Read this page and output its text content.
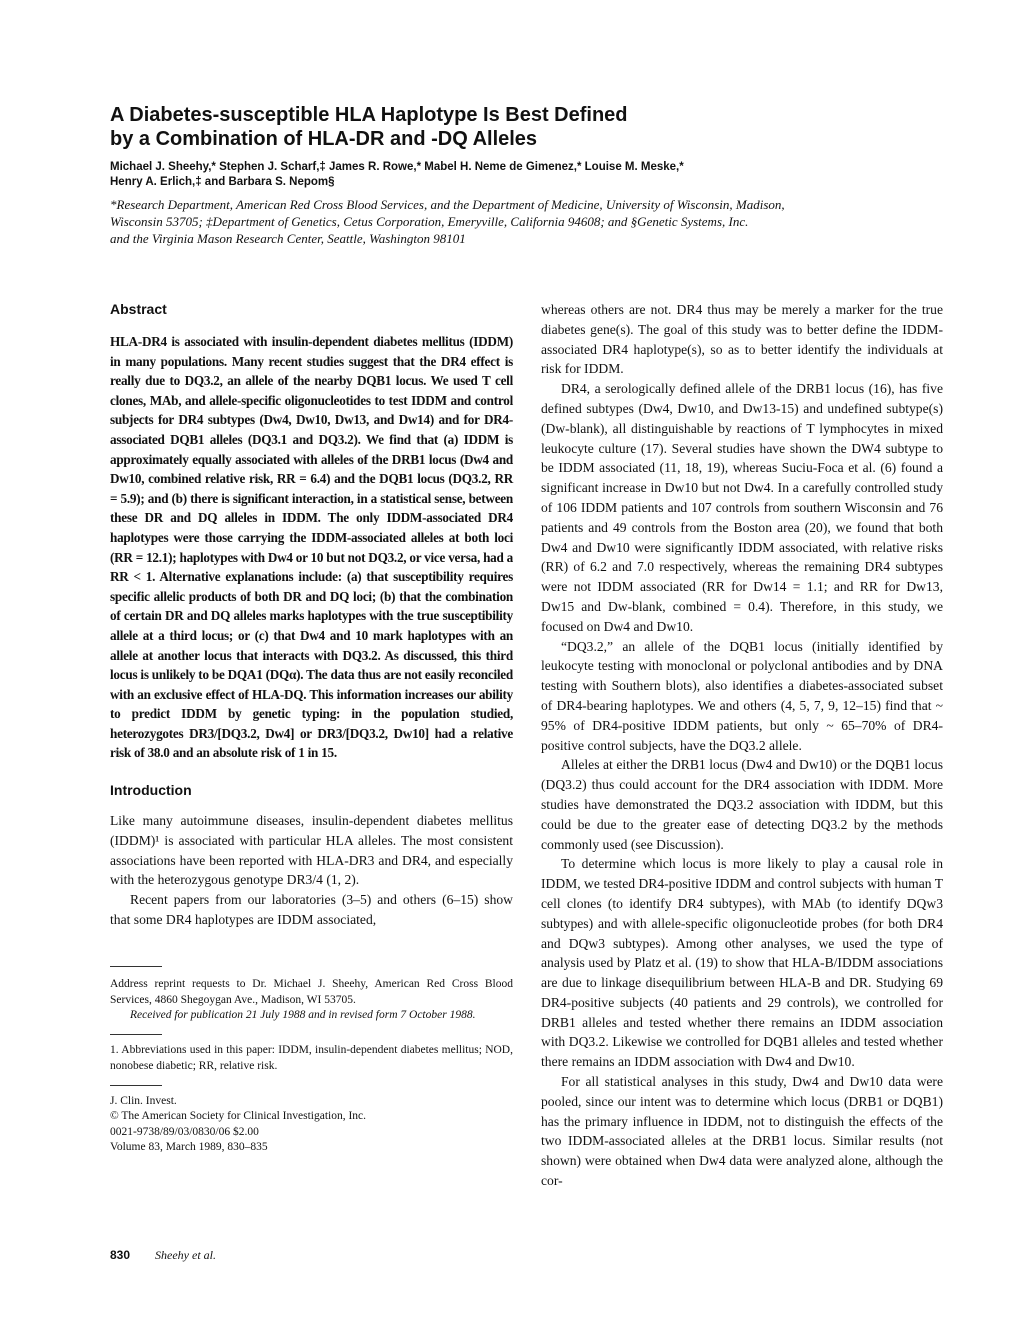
A Diabetes-susceptible HLA Haplotype Is Best Defined
by a Combination of HLA-DR and -DQ Alleles
Michael J. Sheehy,* Stephen J. Scharf,‡ James R. Rowe,* Mabel H. Neme de Gimenez,* Louise M. Meske,*
Henry A. Erlich,‡ and Barbara S. Nepom§
*Research Department, American Red Cross Blood Services, and the Department of Medicine, University of Wisconsin, Madison,
Wisconsin 53705; ‡Department of Genetics, Cetus Corporation, Emeryville, California 94608; and §Genetic Systems, Inc.
and the Virginia Mason Research Center, Seattle, Washington 98101
Abstract

HLA-DR4 is associated with insulin-dependent diabetes mellitus (IDDM) in many populations. Many recent studies suggest that the DR4 effect is really due to DQ3.2, an allele of the nearby DQB1 locus. We used T cell clones, MAb, and allele-specific oligonucleotides to test IDDM and control subjects for DR4 subtypes (Dw4, Dw10, Dw13, and Dw14) and for DR4-associated DQB1 alleles (DQ3.1 and DQ3.2). We find that (a) IDDM is approximately equally associated with alleles of the DRB1 locus (Dw4 and Dw10, combined relative risk, RR = 6.4) and the DQB1 locus (DQ3.2, RR = 5.9); and (b) there is significant interaction, in a statistical sense, between these DR and DQ alleles in IDDM. The only IDDM-associated DR4 haplotypes were those carrying the IDDM-associated alleles at both loci (RR = 12.1); haplotypes with Dw4 or 10 but not DQ3.2, or vice versa, had a RR < 1. Alternative explanations include: (a) that susceptibility requires specific allelic products of both DR and DQ loci; (b) that the combination of certain DR and DQ alleles marks haplotypes with the true susceptibility allele at a third locus; or (c) that Dw4 and 10 mark haplotypes with an allele at another locus that interacts with DQ3.2. As discussed, this third locus is unlikely to be DQA1 (DQα). The data thus are not easily reconciled with an exclusive effect of HLA-DQ. This information increases our ability to predict IDDM by genetic typing: in the population studied, heterozygotes DR3/[DQ3.2, Dw4] or DR3/[DQ3.2, Dw10] had a relative risk of 38.0 and an absolute risk of 1 in 15.

Introduction

Like many autoimmune diseases, insulin-dependent diabetes mellitus (IDDM)¹ is associated with particular HLA alleles. The most consistent associations have been reported with HLA-DR3 and DR4, and especially with the heterozygous genotype DR3/4 (1, 2).

Recent papers from our laboratories (3–5) and others (6–15) show that some DR4 haplotypes are IDDM associated,

Address reprint requests to Dr. Michael J. Sheehy, American Red Cross Blood Services, 4860 Shegoygan Ave., Madison, WI 53705.

Received for publication 21 July 1988 and in revised form 7 October 1988.

1. Abbreviations used in this paper: IDDM, insulin-dependent diabetes mellitus; NOD, nonobese diabetic; RR, relative risk.

J. Clin. Invest.
© The American Society for Clinical Investigation, Inc.
0021-9738/89/03/0830/06 $2.00
Volume 83, March 1989, 830–835

whereas others are not. DR4 thus may be merely a marker for the true diabetes gene(s). The goal of this study was to better define the IDDM-associated DR4 haplotype(s), so as to better identify the individuals at risk for IDDM.

DR4, a serologically defined allele of the DRB1 locus (16), has five defined subtypes (Dw4, Dw10, and Dw13-15) and undefined subtype(s) (Dw-blank), all distinguishable by reactions of T lymphocytes in mixed leukocyte culture (17). Several studies have shown the DW4 subtype to be IDDM associated (11, 18, 19), whereas Suciu-Foca et al. (6) found a significant increase in Dw10 but not Dw4. In a carefully controlled study of 106 IDDM patients and 107 controls from southern Wisconsin and 76 patients and 49 controls from the Boston area (20), we found that both Dw4 and Dw10 were significantly IDDM associated, with relative risks (RR) of 6.2 and 7.0 respectively, whereas the remaining DR4 subtypes were not IDDM associated (RR for Dw14 = 1.1; and RR for Dw13, Dw15 and Dw-blank, combined = 0.4). Therefore, in this study, we focused on Dw4 and Dw10.

“DQ3.2,” an allele of the DQB1 locus (initially identified by leukocyte testing with monoclonal or polyclonal antibodies and by DNA testing with Southern blots), also identifies a diabetes-associated subset of DR4-bearing haplotypes. We and others (4, 5, 7, 9, 12–15) find that ~ 95% of DR4-positive IDDM patients, but only ~ 65–70% of DR4-positive control subjects, have the DQ3.2 allele.

Alleles at either the DRB1 locus (Dw4 and Dw10) or the DQB1 locus (DQ3.2) thus could account for the DR4 association with IDDM. More studies have demonstrated the DQ3.2 association with IDDM, but this could be due to the greater ease of detecting DQ3.2 by the methods commonly used (see Discussion).

To determine which locus is more likely to play a causal role in IDDM, we tested DR4-positive IDDM and control subjects with human T cell clones (to identify DR4 subtypes), with MAb (to identify DQw3 subtypes) and with allele-specific oligonucleotide probes (for both DR4 and DQw3 subtypes). Among other analyses, we used the type of analysis used by Platz et al. (19) to show that HLA-B/IDDM associations are due to linkage disequilibrium between HLA-B and DR. Studying 69 DR4-positive subjects (40 patients and 29 controls), we controlled for DRB1 alleles and tested whether there remains an IDDM association with DQ3.2. Likewise we controlled for DQB1 alleles and tested whether there remains an IDDM association with Dw4 and Dw10.

For all statistical analyses in this study, Dw4 and Dw10 data were pooled, since our intent was to determine which locus (DRB1 or DQB1) has the primary influence in IDDM, not to distinguish the effects of the two IDDM-associated alleles at the DRB1 locus. Similar results (not shown) were obtained when Dw4 data were analyzed alone, although the cor-

830 Sheehy et al.
